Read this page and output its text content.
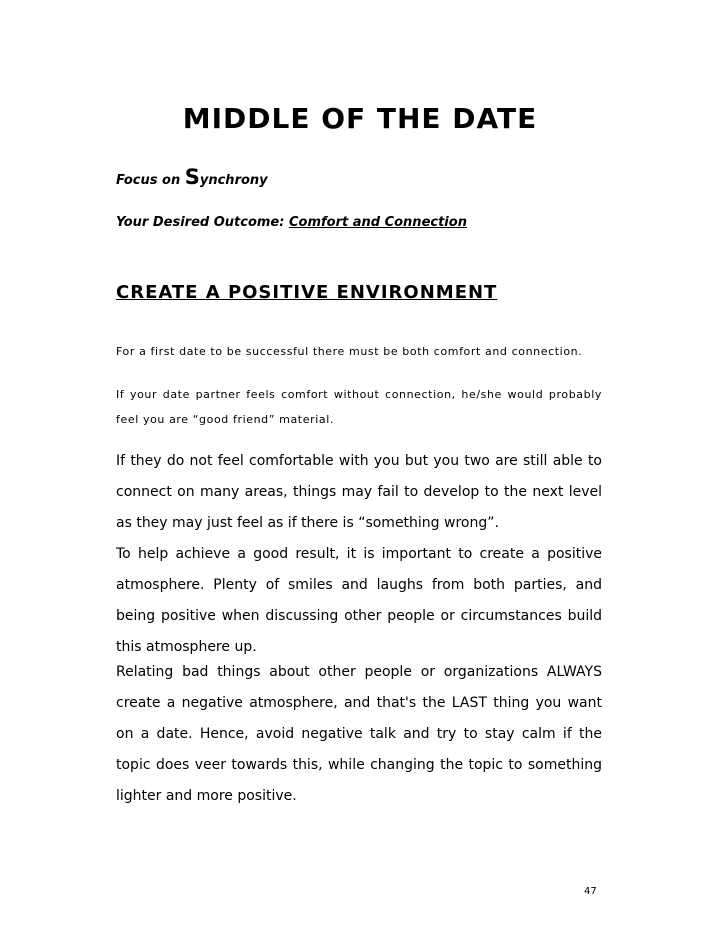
MIDDLE OF THE DATE

Focus on Synchrony

Your Desired Outcome: Comfort and Connection

CREATE A POSITIVE ENVIRONMENT

For a first date to be successful there must be both comfort and connection.

If your date partner feels comfort without connection, he/she would probably feel you are “good friend” material.

If they do not feel comfortable with you but you two are still able to connect on many areas, things may fail to develop to the next level as they may just feel as if there is “something wrong”.

To help achieve a good result, it is important to create a positive atmosphere. Plenty of smiles and laughs from both parties, and being positive when discussing other people or circumstances build this atmosphere up.

Relating bad things about other people or organizations ALWAYS create a negative atmosphere, and that's the LAST thing you want on a date. Hence, avoid negative talk and try to stay calm if the topic does veer towards this, while changing the topic to something lighter and more positive.

47
